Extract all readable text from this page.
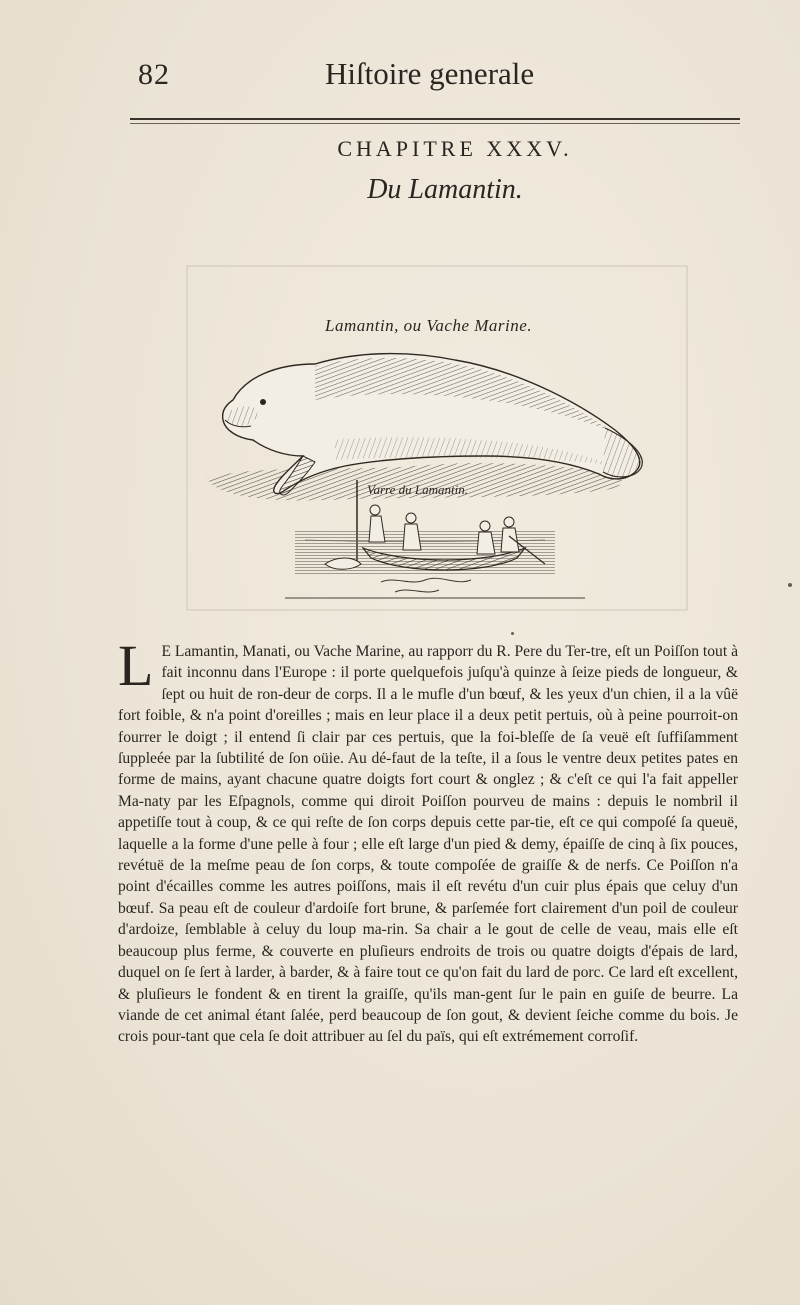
82	Hiſtoire generale
CHAPITRE XXXV.
Du Lamantin.
Lamantin, ou Vache Marine.
Varre du Lamantin.
L E Lamantin, Manati, ou Vache Marine, au rapporr du R. Pere du Ter-tre, eſt un Poiſſon tout à fait inconnu dans l'Europe : il porte quelquefois juſqu'à quinze à ſeize pieds de longueur, & ſept ou huit de ron-deur de corps. Il a le mufle d'un bœuf, & les yeux d'un chien, il a la vûë fort foible, & n'a point d'oreilles ; mais en leur place il a deux petit pertuis, où à peine pourroit-on fourrer le doigt ; il entend ſi clair par ces pertuis, que la foi-bleſſe de ſa veuë eſt ſuffiſamment ſuppleée par la ſubtilité de ſon oüie. Au dé-faut de la teſte, il a ſous le ventre deux petites pates en forme de mains, ayant chacune quatre doigts fort court & onglez ; & c'eſt ce qui l'a fait appeller Ma-naty par les Eſpagnols, comme qui diroit Poiſſon pourveu de mains : depuis le nombril il appetiſſe tout à coup, & ce qui reſte de ſon corps depuis cette par-tie, eſt ce qui compoſé ſa queuë, laquelle a la forme d'une pelle à four ; elle eſt large d'un pied & demy, épaiſſe de cinq à ſix pouces, revétuë de la meſme peau de ſon corps, & toute compoſée de graiſſe & de nerfs. Ce Poiſſon n'a point d'écailles comme les autres poiſſons, mais il eſt revétu d'un cuir plus épais que celuy d'un bœuf. Sa peau eſt de couleur d'ardoiſe fort brune, & parſemée fort clairement d'un poil de couleur d'ardoize, ſemblable à celuy du loup ma-rin. Sa chair a le gout de celle de veau, mais elle eſt beaucoup plus ferme, & couverte en pluſieurs endroits de trois ou quatre doigts d'épais de lard, duquel on ſe ſert à larder, à barder, & à faire tout ce qu'on fait du lard de porc. Ce lard eſt excellent, & pluſieurs le fondent & en tirent la graiſſe, qu'ils man-gent ſur le pain en guiſe de beurre. La viande de cet animal étant ſalée, perd beaucoup de ſon gout, & devient ſeiche comme du bois. Je crois pour-tant que cela ſe doit attribuer au ſel du païs, qui eſt extrémement corroſif.
